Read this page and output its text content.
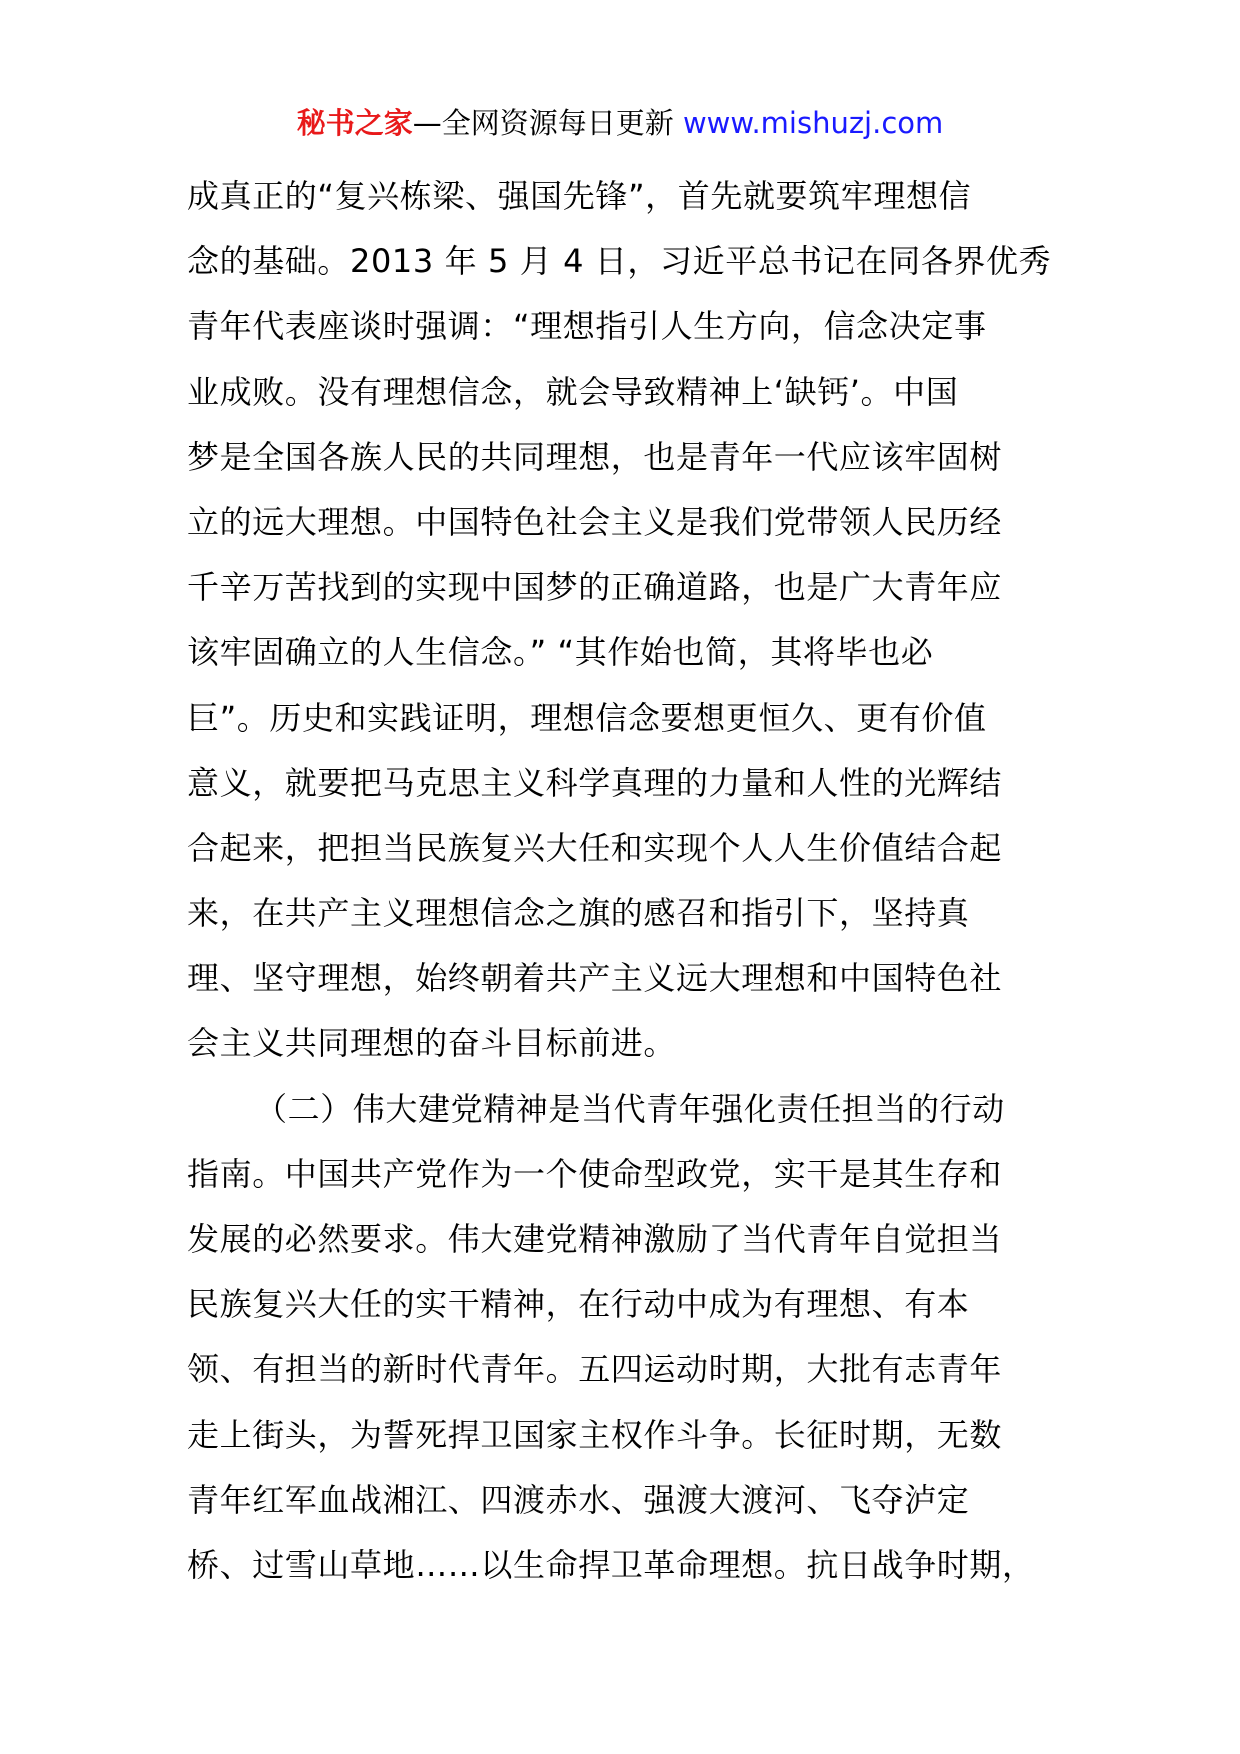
秘书之家—全网资源每日更新 www.mishuzj.com
成真正的“复兴栋梁、强国先锋”，首先就要筑牢理想信
念的基础。2013 年 5 月 4 日，习近平总书记在同各界优秀
青年代表座谈时强调：“理想指引人生方向，信念决定事
业成败。没有理想信念，就会导致精神上‘缺钙’。中国
梦是全国各族人民的共同理想，也是青年一代应该牢固树
立的远大理想。中国特色社会主义是我们党带领人民历经
千辛万苦找到的实现中国梦的正确道路，也是广大青年应
该牢固确立的人生信念。” “其作始也简，其将毕也必
巨”。历史和实践证明，理想信念要想更恒久、更有价值
意义，就要把马克思主义科学真理的力量和人性的光辉结
合起来，把担当民族复兴大任和实现个人人生价值结合起
来，在共产主义理想信念之旗的感召和指引下，坚持真
理、坚守理想，始终朝着共产主义远大理想和中国特色社
会主义共同理想的奋斗目标前进。
（二）伟大建党精神是当代青年强化责任担当的行动
指南。中国共产党作为一个使命型政党，实干是其生存和
发展的必然要求。伟大建党精神激励了当代青年自觉担当
民族复兴大任的实干精神，在行动中成为有理想、有本
领、有担当的新时代青年。五四运动时期，大批有志青年
走上街头，为誓死捍卫国家主权作斗争。长征时期，无数
青年红军血战湘江、四渡赤水、强渡大渡河、飞夺泸定
桥、过雪山草地……以生命捍卫革命理想。抗日战争时期，
